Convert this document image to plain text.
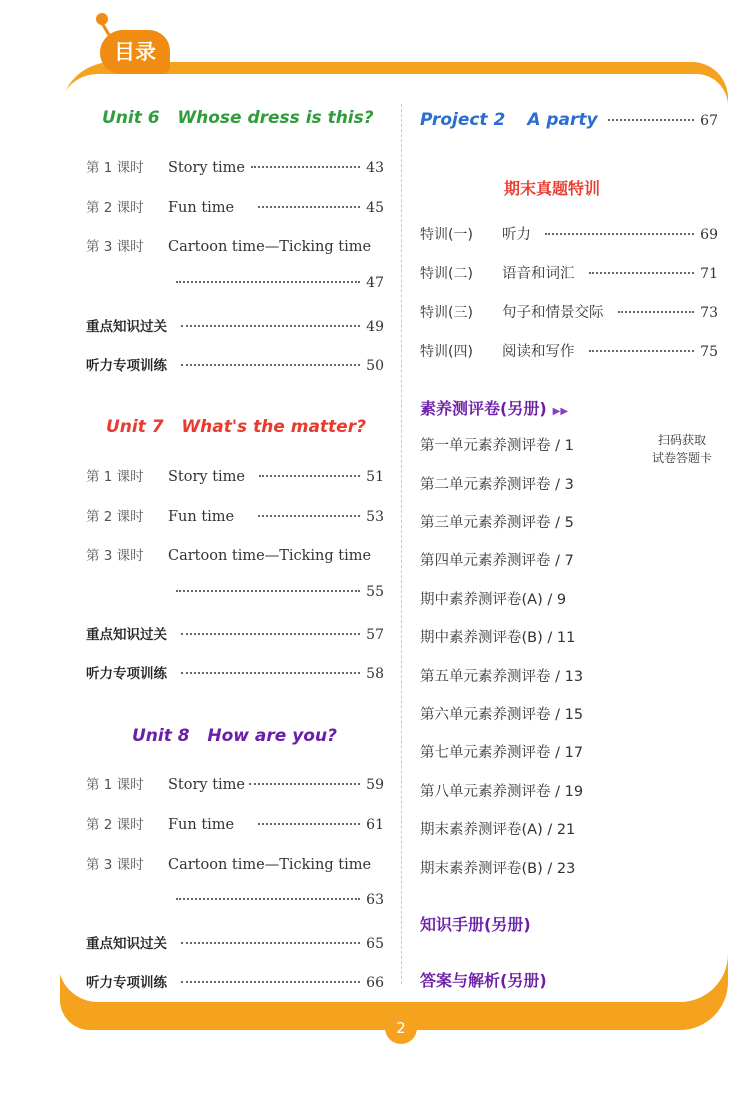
目录
Unit 6 Whose dress is this?
第 1 课时	Story time	43
第 2 课时	Fun time	45
第 3 课时	Cartoon time—Ticking time
47
重点知识过关	49
听力专项训练	50
Unit 7 What's the matter?
第 1 课时	Story time	51
第 2 课时	Fun time	53
第 3 课时	Cartoon time—Ticking time
55
重点知识过关	57
听力专项训练	58
Unit 8 How are you?
第 1 课时	Story time	59
第 2 课时	Fun time	61
第 3 课时	Cartoon time—Ticking time
63
重点知识过关	65
听力专项训练	66
Project 2 A party	67
期末真题特训
特训(一)	听力	69
特训(二)	语音和词汇	71
特训(三)	句子和情景交际	73
特训(四)	阅读和写作	75
素养测评卷(另册) ▶▶
扫码获取
试卷答题卡
第一单元素养测评卷 / 1
第二单元素养测评卷 / 3
第三单元素养测评卷 / 5
第四单元素养测评卷 / 7
期中素养测评卷(A) / 9
期中素养测评卷(B) / 11
第五单元素养测评卷 / 13
第六单元素养测评卷 / 15
第七单元素养测评卷 / 17
第八单元素养测评卷 / 19
期末素养测评卷(A) / 21
期末素养测评卷(B) / 23
知识手册(另册)
答案与解析(另册)
2
